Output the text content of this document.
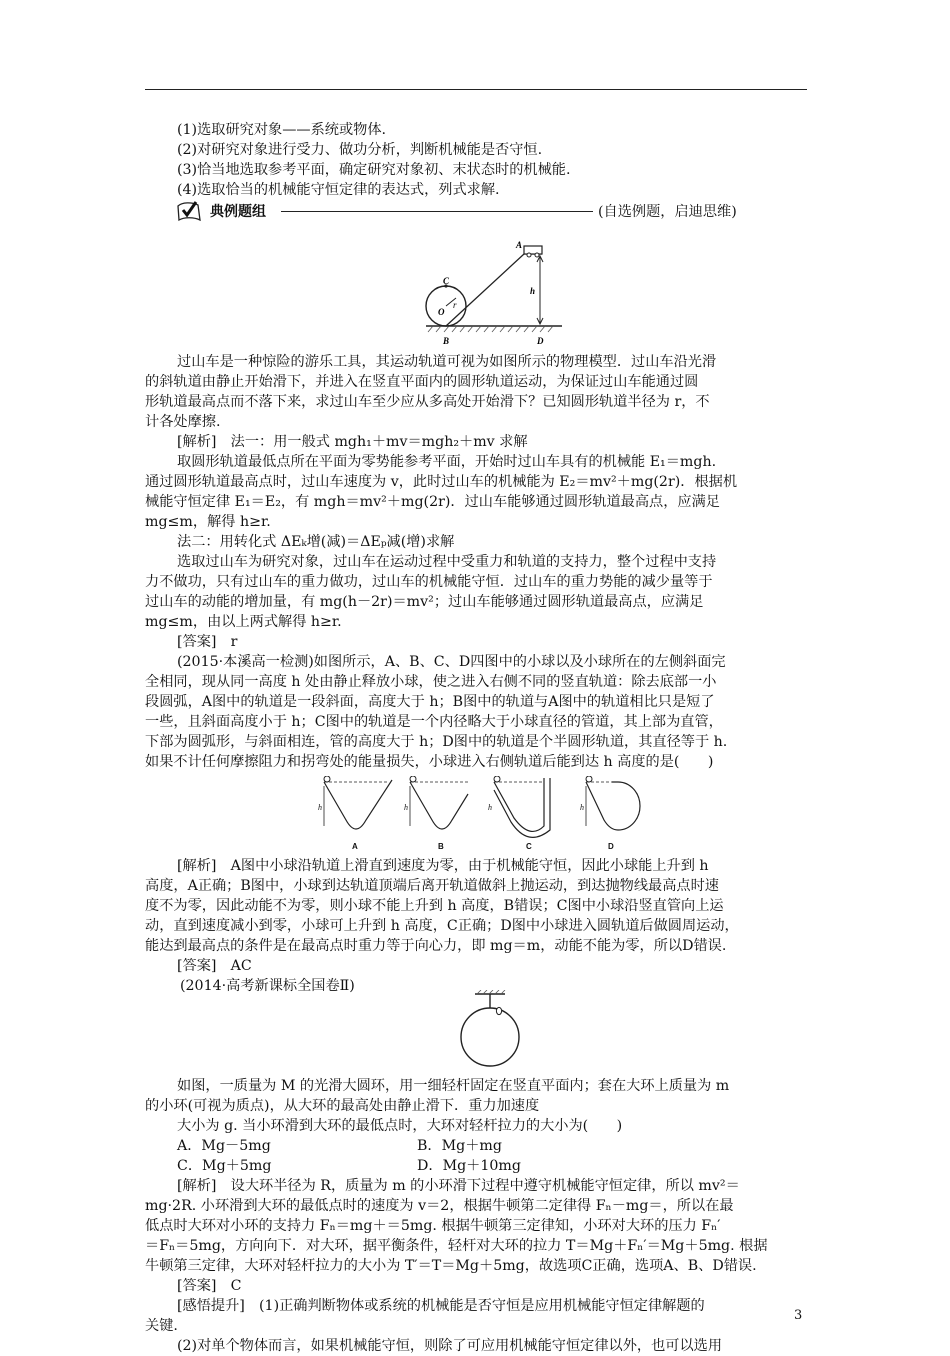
(1)选取研究对象——系统或物体.
(2)对研究对象进行受力、做功分析，判断机械能是否守恒.
(3)恰当地选取参考平面，确定研究对象初、末状态时的机械能.
(4)选取恰当的机械能守恒定律的表达式，列式求解.
典例题组	(自选例题，启迪思维)
A
C
O
r
h
B	D
过山车是一种惊险的游乐工具，其运动轨道可视为如图所示的物理模型．过山车沿光滑
的斜轨道由静止开始滑下，并进入在竖直平面内的圆形轨道运动，为保证过山车能通过圆
形轨道最高点而不落下来，求过山车至少应从多高处开始滑下？已知圆形轨道半径为 r，不
计各处摩擦.
[解析]　法一：用一般式 mgh₁＋mv＝mgh₂＋mv 求解
取圆形轨道最低点所在平面为零势能参考平面，开始时过山车具有的机械能 E₁＝mgh.
通过圆形轨道最高点时，过山车速度为 v，此时过山车的机械能为 E₂＝mv²＋mg(2r)．根据机
械能守恒定律 E₁＝E₂，有 mgh＝mv²＋mg(2r)．过山车能够通过圆形轨道最高点，应满足
mg≤m，解得 h≥r.
法二：用转化式 ΔEₖ增(减)＝ΔEₚ减(增)求解
选取过山车为研究对象，过山车在运动过程中受重力和轨道的支持力，整个过程中支持
力不做功，只有过山车的重力做功，过山车的机械能守恒．过山车的重力势能的减少量等于
过山车的动能的增加量，有 mg(h－2r)＝mv²；过山车能够通过圆形轨道最高点，应满足
mg≤m，由以上两式解得 h≥r.
[答案]　r
(2015·本溪高一检测)如图所示，A、B、C、D四图中的小球以及小球所在的左侧斜面完
全相同，现从同一高度 h 处由静止释放小球，使之进入右侧不同的竖直轨道：除去底部一小
段圆弧，A图中的轨道是一段斜面，高度大于 h；B图中的轨道与A图中的轨道相比只是短了
一些，且斜面高度小于 h；C图中的轨道是一个内径略大于小球直径的管道，其上部为直管，
下部为圆弧形，与斜面相连，管的高度大于 h；D图中的轨道是个半圆形轨道，其直径等于 h.
如果不计任何摩擦阻力和拐弯处的能量损失，小球进入右侧轨道后能到达 h 高度的是(　　)
h	h	h	h
A	B	C	D
[解析]　A图中小球沿轨道上滑直到速度为零，由于机械能守恒，因此小球能上升到 h
高度，A正确；B图中，小球到达轨道顶端后离开轨道做斜上抛运动，到达抛物线最高点时速
度不为零，因此动能不为零，则小球不能上升到 h 高度，B错误；C图中小球沿竖直管向上运
动，直到速度减小到零，小球可上升到 h 高度，C正确；D图中小球进入圆轨道后做圆周运动，
能达到最高点的条件是在最高点时重力等于向心力，即 mg＝m，动能不能为零，所以D错误.
[答案]　AC
(2014·高考新课标全国卷Ⅱ)
如图，一质量为 M 的光滑大圆环，用一细轻杆固定在竖直平面内；套在大环上质量为 m
的小环(可视为质点)，从大环的最高处由静止滑下．重力加速度
大小为 g. 当小环滑到大环的最低点时，大环对轻杆拉力的大小为(　　)
A．Mg－5mg	B．Mg＋mg
C．Mg＋5mg	D．Mg＋10mg
[解析]　设大环半径为 R，质量为 m 的小环滑下过程中遵守机械能守恒定律，所以 mv²＝
mg·2R. 小环滑到大环的最低点时的速度为 v＝2，根据牛顿第二定律得 Fₙ－mg＝，所以在最
低点时大环对小环的支持力 Fₙ＝mg＋＝5mg. 根据牛顿第三定律知，小环对大环的压力 Fₙ′
＝Fₙ＝5mg，方向向下．对大环，据平衡条件，轻杆对大环的拉力 T＝Mg＋Fₙ′＝Mg＋5mg. 根据
牛顿第三定律，大环对轻杆拉力的大小为 T′＝T＝Mg＋5mg，故选项C正确，选项A、B、D错误.
[答案]　C
[感悟提升]　(1)正确判断物体或系统的机械能是否守恒是应用机械能守恒定律解题的
关键.
(2)对单个物体而言，如果机械能守恒，则除了可应用机械能守恒定律以外，也可以选用
3
